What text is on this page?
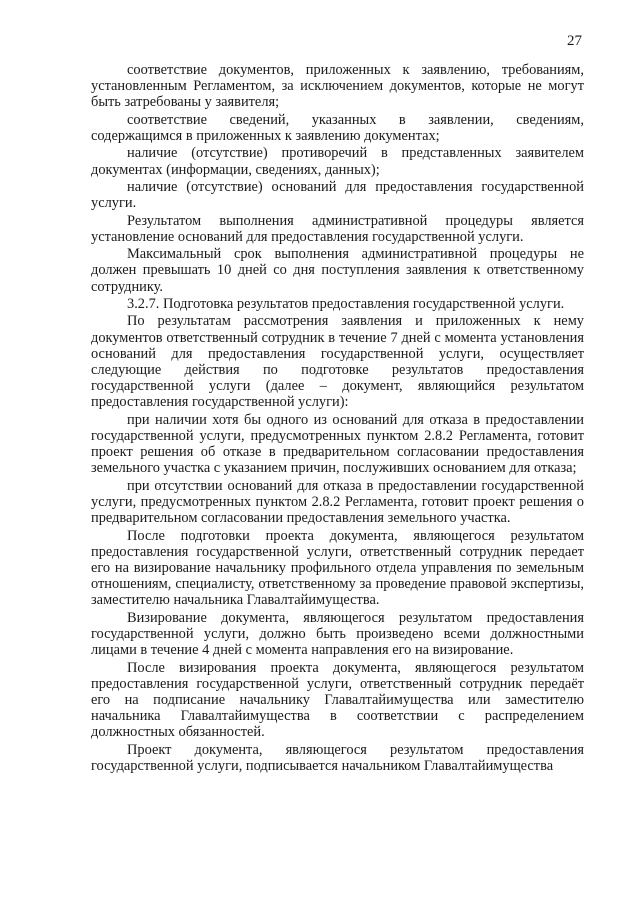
27

соответствие документов, приложенных к заявлению, требованиям, установленным Регламентом, за исключением документов, которые не могут быть затребованы у заявителя;

соответствие сведений, указанных в заявлении, сведениям, содержащимся в приложенных к заявлению документах;

наличие (отсутствие) противоречий в представленных заявителем документах (информации, сведениях, данных);

наличие (отсутствие) оснований для предоставления государственной услуги.

Результатом выполнения административной процедуры является установление оснований для предоставления государственной услуги.

Максимальный срок выполнения административной процедуры не должен превышать 10 дней со дня поступления заявления к ответственному сотруднику.

3.2.7. Подготовка результатов предоставления государственной услуги.

По результатам рассмотрения заявления и приложенных к нему документов ответственный сотрудник в течение 7 дней с момента установления оснований для предоставления государственной услуги, осуществляет следующие действия по подготовке результатов предоставления государственной услуги (далее – документ, являющийся результатом предоставления государственной услуги):

при наличии хотя бы одного из оснований для отказа в предоставлении государственной услуги, предусмотренных пунктом 2.8.2 Регламента, готовит проект решения об отказе в предварительном согласовании предоставления земельного участка с указанием причин, послуживших основанием для отказа;

при отсутствии оснований для отказа в предоставлении государственной услуги, предусмотренных пунктом 2.8.2 Регламента, готовит проект решения о предварительном согласовании предоставления земельного участка.

После подготовки проекта документа, являющегося результатом предоставления государственной услуги, ответственный сотрудник передает его на визирование начальнику профильного отдела управления по земельным отношениям, специалисту, ответственному за проведение правовой экспертизы, заместителю начальника Главалтайимущества.

Визирование документа, являющегося результатом предоставления государственной услуги, должно быть произведено всеми должностными лицами в течение 4 дней с момента направления его на визирование.

После визирования проекта документа, являющегося результатом предоставления государственной услуги, ответственный сотрудник передаёт его на подписание начальнику Главалтайимущества или заместителю начальника Главалтайимущества в соответствии с распределением должностных обязанностей.

Проект документа, являющегося результатом предоставления государственной услуги, подписывается начальником Главалтайимущества
